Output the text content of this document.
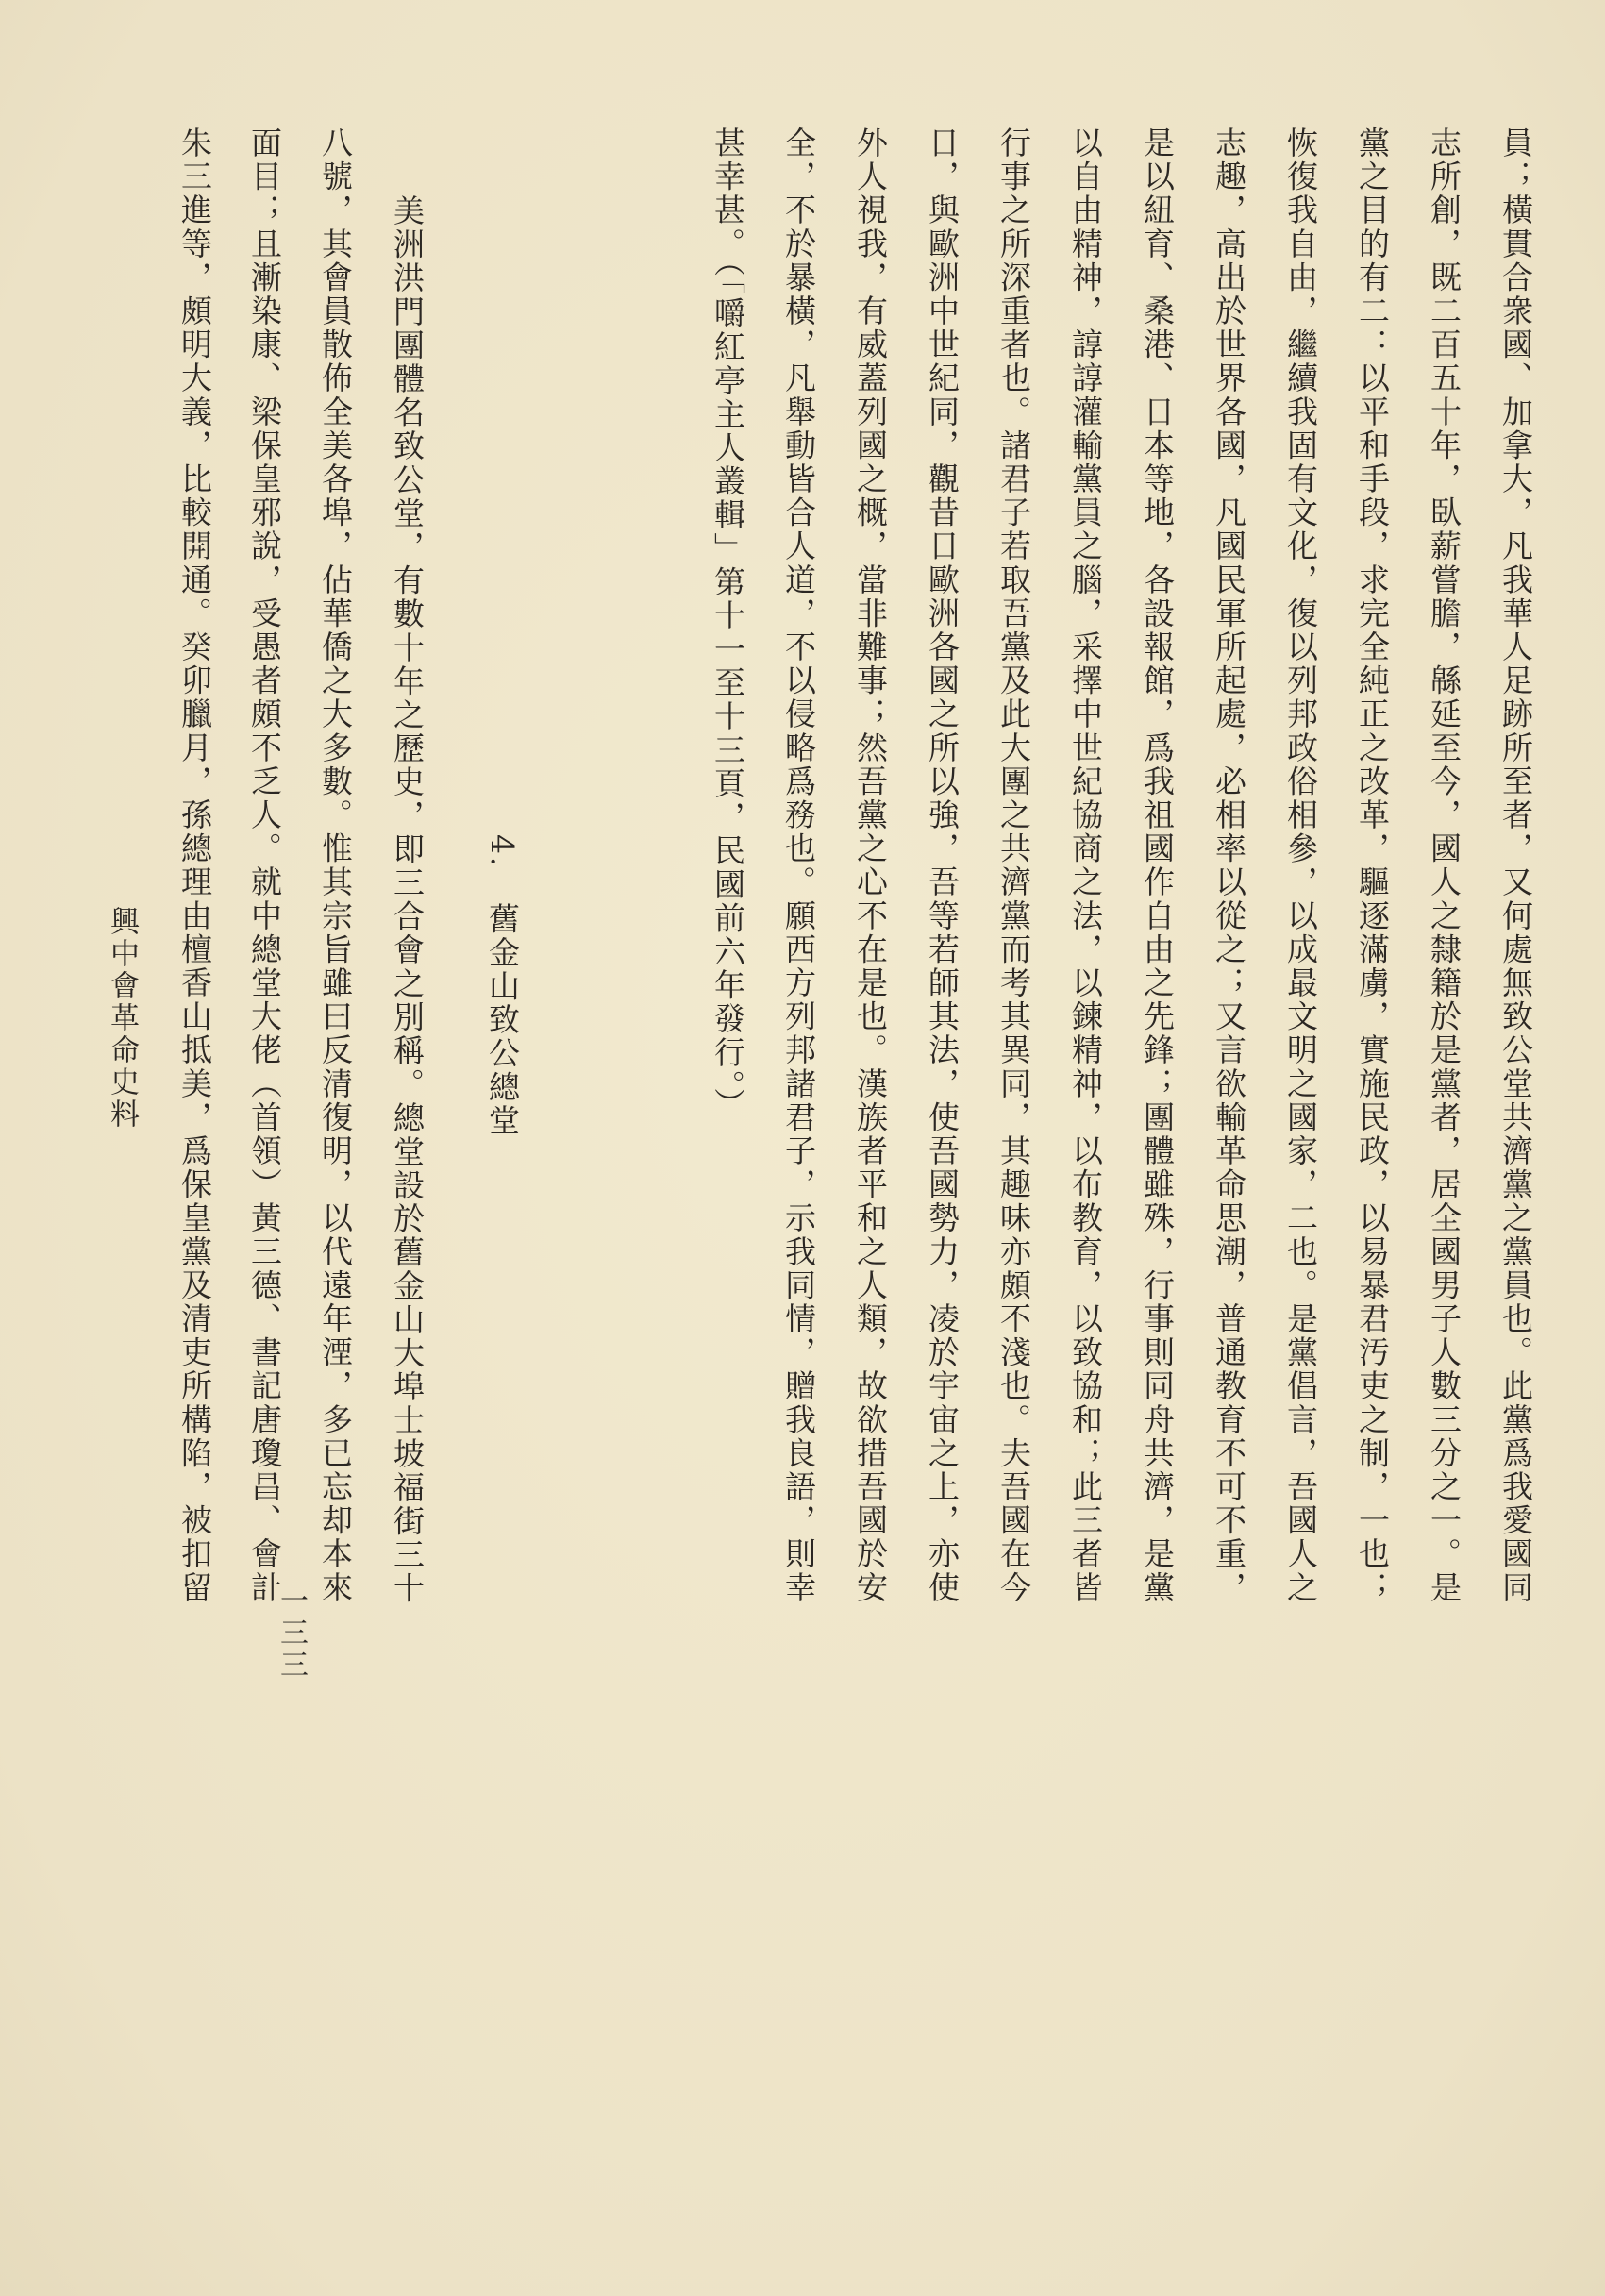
員；橫貫合衆國、加拿大，凡我華人足跡所至者，又何處無致公堂共濟黨之黨員也。此黨爲我愛國同
志所創，既二百五十年，臥薪嘗膽，緜延至今，國人之隸籍於是黨者，居全國男子人數三分之一。是
黨之目的有二：以平和手段，求完全純正之改革，驅逐滿虜，實施民政，以易暴君汚吏之制，一也；
恢復我自由，繼續我固有文化，復以列邦政俗相參，以成最文明之國家，二也。是黨倡言，吾國人之
志趣，高出於世界各國，凡國民軍所起處，必相率以從之；又言欲輸革命思潮，普通教育不可不重，
是以紐育、桑港、日本等地，各設報館，爲我祖國作自由之先鋒；團體雖殊，行事則同舟共濟，是黨
以自由精神，諄諄灌輸黨員之腦，采擇中世紀協商之法，以鍊精神，以布教育，以致協和；此三者皆
行事之所深重者也。諸君子若取吾黨及此大團之共濟黨而考其異同，其趣味亦頗不淺也。夫吾國在今
日，與歐洲中世紀同，觀昔日歐洲各國之所以強，吾等若師其法，使吾國勢力，凌於宇宙之上，亦使
外人視我，有威蓋列國之概，當非難事；然吾黨之心不在是也。漢族者平和之人類，故欲措吾國於安
全，不於暴橫，凡舉動皆合人道，不以侵略爲務也。願西方列邦諸君子，示我同情，贈我良語，則幸
甚幸甚。（「嚼紅亭主人叢輯」第十一至十三頁，民國前六年發行。）
4.　舊金山致公總堂
美洲洪門團體名致公堂，有數十年之歷史，即三合會之別稱。總堂設於舊金山大埠士坡福街三十
八號，其會員散佈全美各埠，佔華僑之大多數。惟其宗旨雖曰反清復明，以代遠年湮，多已忘却本來
面目；且漸染康、梁保皇邪說，受愚者頗不乏人。就中總堂大佬（首領）黃三德、書記唐瓊昌、會計
朱三進等，頗明大義，比較開通。癸卯臘月，孫總理由檀香山抵美，爲保皇黨及清吏所構陷，被扣留
興中會革命史料
一三三
